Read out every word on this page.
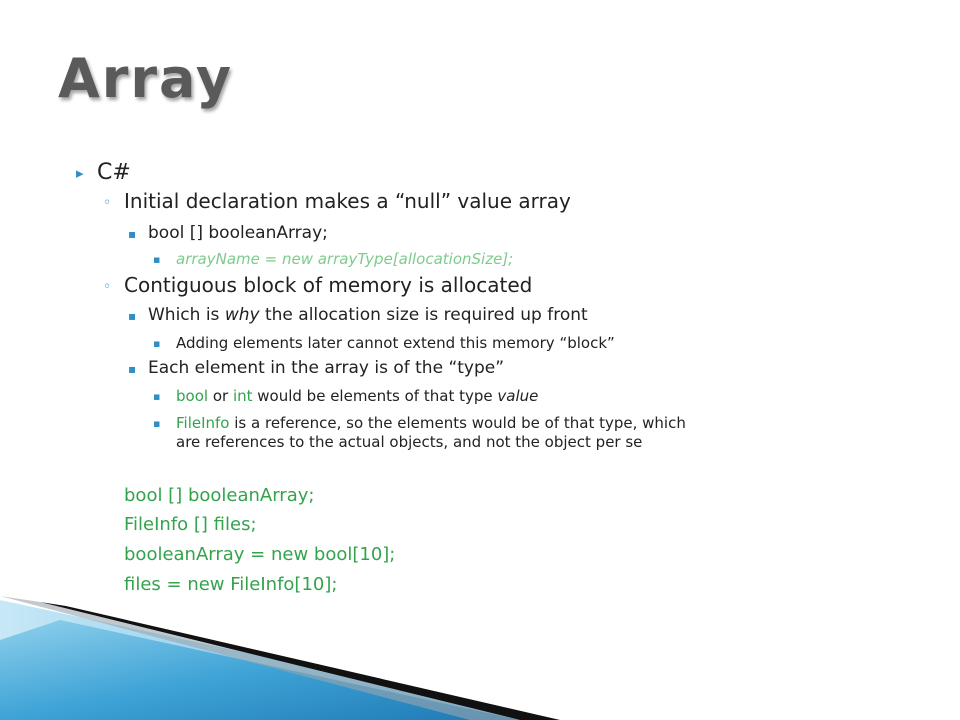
Array
▸ C#
◦ Initial declaration makes a “null” value array
▪ bool [] booleanArray;
▪ arrayName = new arrayType[allocationSize];
◦ Contiguous block of memory is allocated
▪ Which is why the allocation size is required up front
▪ Adding elements later cannot extend this memory “block”
▪ Each element in the array is of the “type”
▪ bool or int would be elements of that type value
▪ FileInfo is a reference, so the elements would be of that type, which
are references to the actual objects, and not the object per se
bool [] booleanArray;
FileInfo [] files;
booleanArray = new bool[10];
files = new FileInfo[10];
